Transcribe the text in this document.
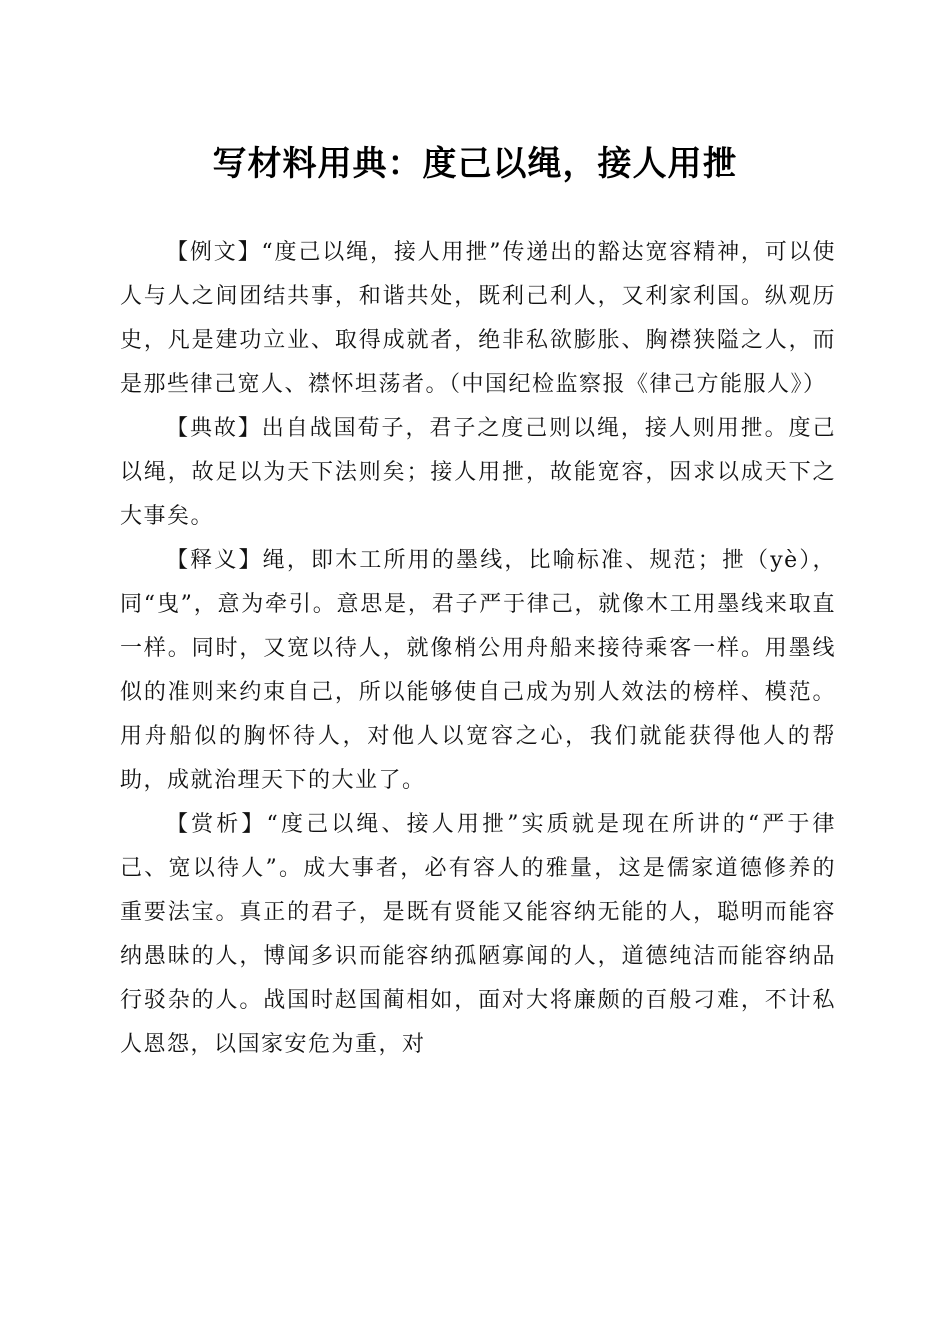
写材料用典：度己以绳，接人用抴

【例文】“度己以绳，接人用抴”传递出的豁达宽容精神，可以使人与人之间团结共事，和谐共处，既利己利人，又利家利国。纵观历史，凡是建功立业、取得成就者，绝非私欲膨胀、胸襟狭隘之人，而是那些律己宽人、襟怀坦荡者。（中国纪检监察报《律己方能服人》）

【典故】出自战国荀子，君子之度己则以绳，接人则用抴。度己以绳，故足以为天下法则矣；接人用抴，故能宽容，因求以成天下之大事矣。

【释义】绳，即木工所用的墨线，比喻标准、规范；抴（yè），同“曳”，意为牵引。意思是，君子严于律己，就像木工用墨线来取直一样。同时，又宽以待人，就像梢公用舟船来接待乘客一样。用墨线似的准则来约束自己，所以能够使自己成为别人效法的榜样、模范。用舟船似的胸怀待人，对他人以宽容之心，我们就能获得他人的帮助，成就治理天下的大业了。

【赏析】“度己以绳、接人用抴”实质就是现在所讲的“严于律己、宽以待人”。成大事者，必有容人的雅量，这是儒家道德修养的重要法宝。真正的君子，是既有贤能又能容纳无能的人，聪明而能容纳愚昧的人，博闻多识而能容纳孤陋寡闻的人，道德纯洁而能容纳品行驳杂的人。战国时赵国蔺相如，面对大将廉颇的百般刁难，不计私人恩怨，以国家安危为重，对
